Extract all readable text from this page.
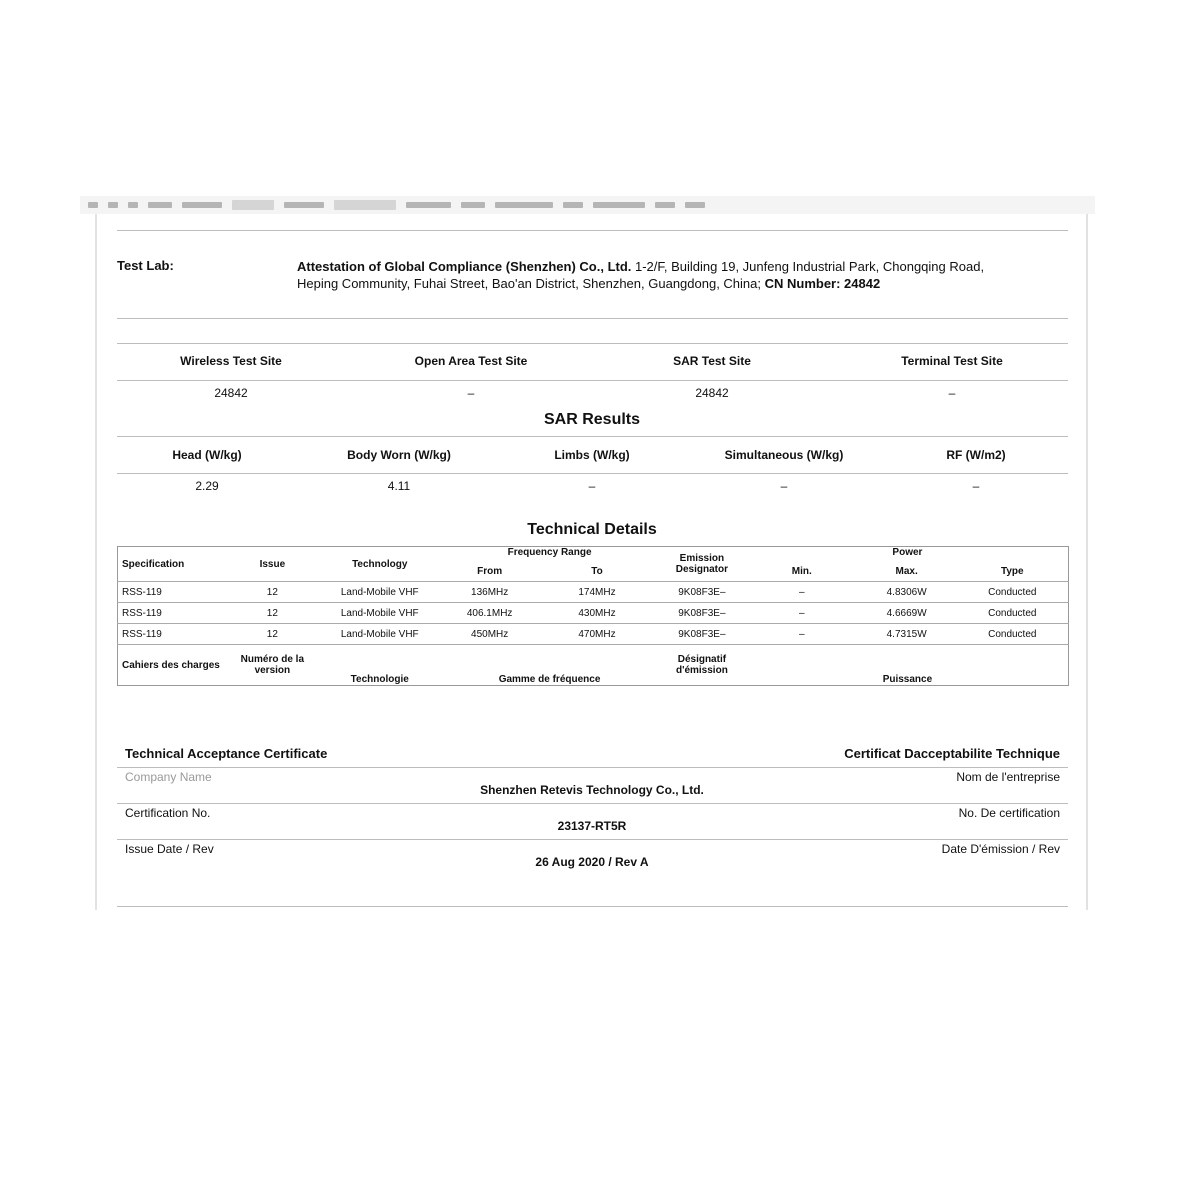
Test Lab:	Attestation of Global Compliance (Shenzhen) Co., Ltd. 1-2/F, Building 19, Junfeng Industrial Park, Chongqing Road, Heping Community, Fuhai Street, Bao'an District, Shenzhen, Guangdong, China; CN Number: 24842
Wireless Test Site	Open Area Test Site	SAR Test Site	Terminal Test Site
24842	–	24842	–
SAR Results
Head (W/kg)	Body Worn (W/kg)	Limbs (W/kg)	Simultaneous (W/kg)	RF (W/m2)
2.29	4.11	–	–	–
Technical Details
Specification	Issue	Technology	Frequency Range		Emission Designator	Power		
			From	To		Min.	Max.	Type
RSS-119	12	Land-Mobile VHF	136MHz	174MHz	9K08F3E–	–	4.8306W	Conducted
RSS-119	12	Land-Mobile VHF	406.1MHz	430MHz	9K08F3E–	–	4.6669W	Conducted
RSS-119	12	Land-Mobile VHF	450MHz	470MHz	9K08F3E–	–	4.7315W	Conducted
Cahiers des charges	Numéro de la version	Technologie	Gamme de fréquence		Désignatif d'émission	Puissance		
Technical Acceptance Certificate	Certificat Dacceptabilite Technique
Company Name	Nom de l'entreprise
Shenzhen Retevis Technology Co., Ltd.
Certification No.	No. De certification
23137-RT5R
Issue Date / Rev	Date D'émission / Rev
26 Aug 2020 / Rev A
